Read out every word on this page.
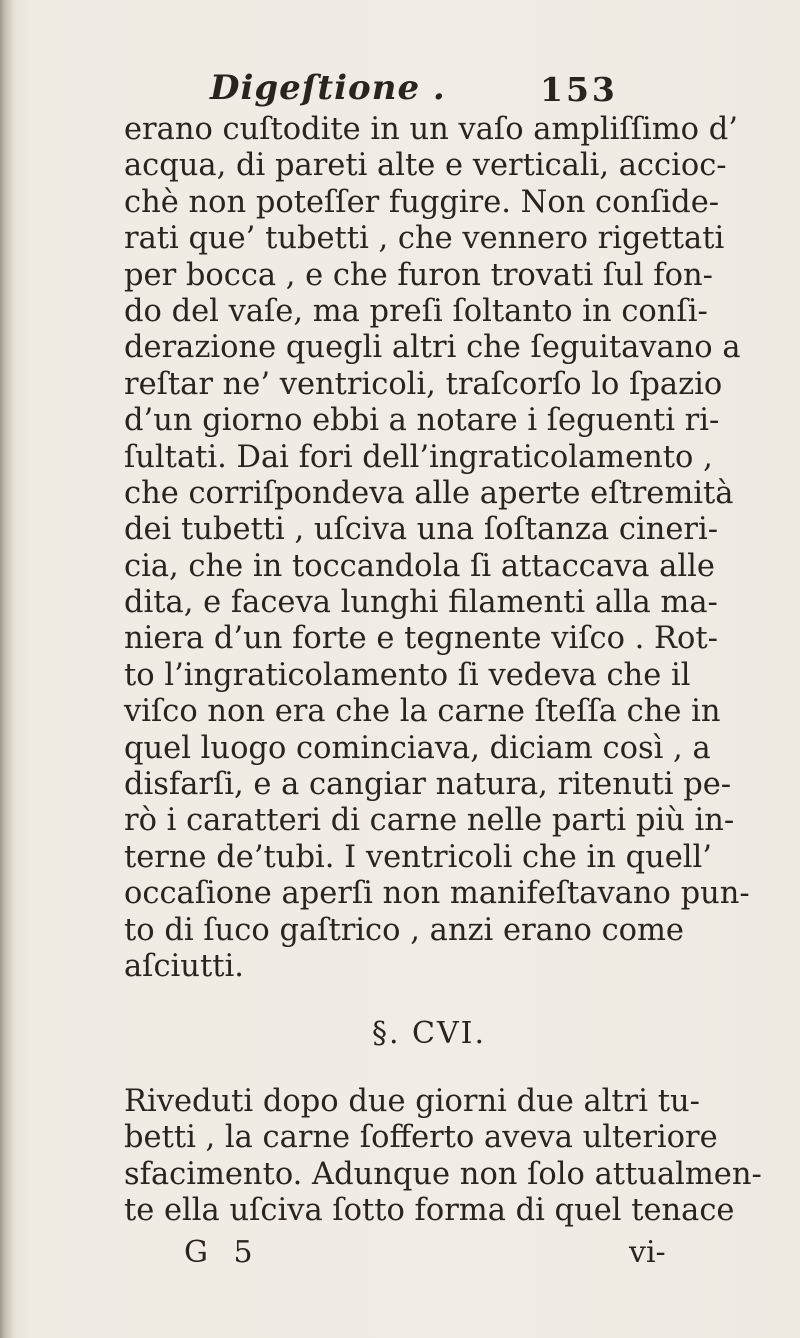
Digeſtione .	153
erano cuſtodite in un vaſo ampliſſimo d’
acqua, di pareti alte e verticali, accioc-
chè non poteſſer fuggire. Non conſide-
rati que’ tubetti , che vennero rigettati
per bocca , e che furon trovati ſul fon-
do del vaſe, ma preſi ſoltanto in conſi-
derazione quegli altri che ſeguitavano a
reſtar ne’ ventricoli, traſcorſo lo ſpazio
d’un giorno ebbi a notare i ſeguenti ri-
ſultati. Dai fori dell’ingraticolamento ,
che corriſpondeva alle aperte eſtremità
dei tubetti , uſciva una ſoſtanza cineri-
cia, che in toccandola ſi attaccava alle
dita, e faceva lunghi filamenti alla ma-
niera d’un forte e tegnente viſco . Rot-
to l’ingraticolamento ſi vedeva che il
viſco non era che la carne ſteſſa che in
quel luogo cominciava, diciam così , a
disfarſi, e a cangiar natura, ritenuti pe-
rò i caratteri di carne nelle parti più in-
terne de’tubi. I ventricoli che in quell’
occaſione aperſi non manifeſtavano pun-
to di ſuco gaſtrico , anzi erano come
aſciutti.
§. CVI.
Riveduti dopo due giorni due altri tu-
betti , la carne ſofferto aveva ulteriore
sfacimento. Adunque non ſolo attualmen-
te ella uſciva ſotto forma di quel tenace
G 5	vi-
